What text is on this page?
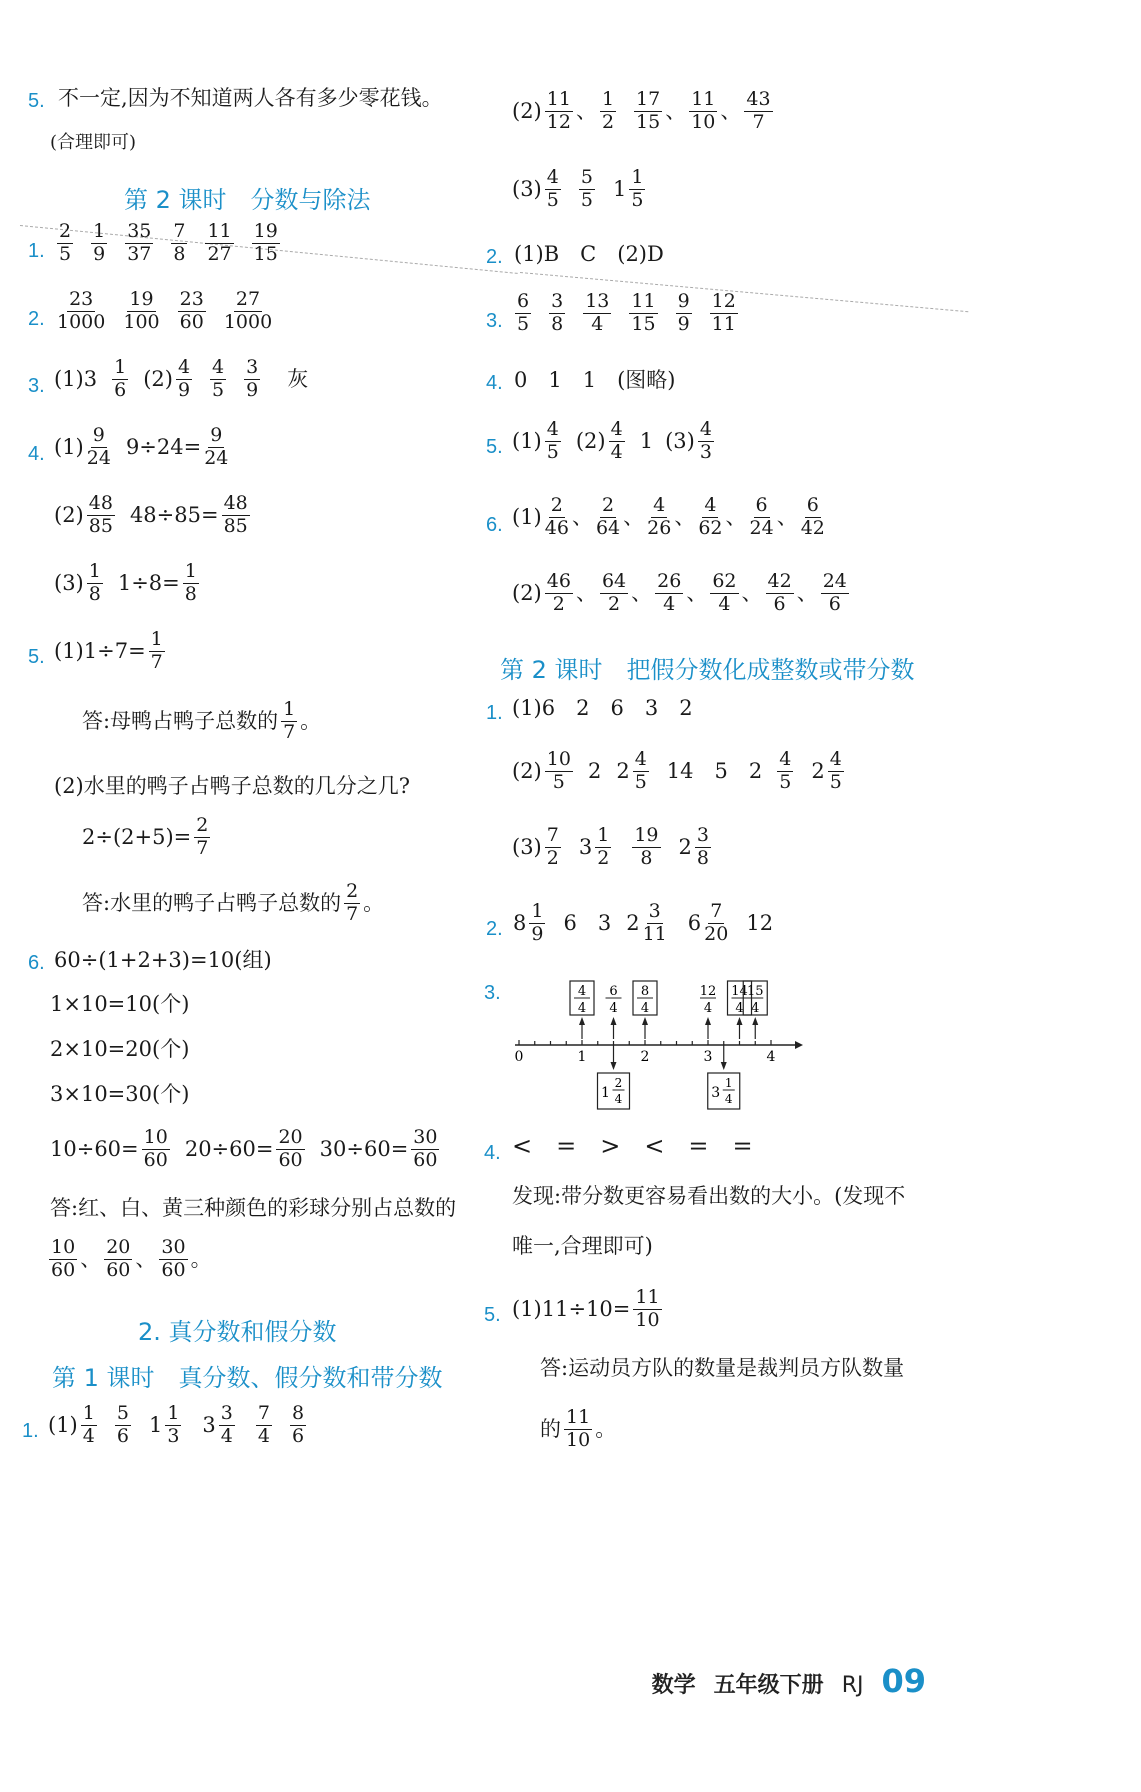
5. 不一定,因为不知道两人各有多少零花钱。
(合理即可)
第 2 课时　分数与除法
1. $\frac{2}{5} \frac{1}{9} \frac{35}{37} \frac{7}{8} \frac{11}{27} \frac{19}{15}$
2. $\frac{23}{1000} \frac{19}{100} \frac{23}{60} \frac{27}{1000}$
3. $(1)3 \frac{1}{6} (2) \frac{4}{9} \frac{4}{5} \frac{3}{9}$ 灰
4. $(1) \frac{9}{24} 9\div 24= \frac{9}{24}$
$(2) \frac{48}{85} 48\div 85= \frac{48}{85}$
$(3) \frac{1}{8} 1\div 8= \frac{1}{8}$
5. $(1)1\div 7= \frac{1}{7}$
答:母鸭占鸭子总数的 $\frac{1}{7}$ 。
(2)水里的鸭子占鸭子总数的几分之几?
$2\div(2+5)= \frac{2}{7}$
答:水里的鸭子占鸭子总数的 $\frac{2}{7}$ 。
6. 60÷(1+2+3)=10(组)
1×10=10(个)
2×10=20(个)
3×10=30(个)
$10\div 60= \frac{10}{60} 20\div 60= \frac{20}{60} 30\div 60= \frac{30}{60}$
答:红、白、黄三种颜色的彩球分别占总数的
$\frac{10}{60}$ 、 $\frac{20}{60}$ 、 $\frac{30}{60}$ 。
2. 真分数和假分数
第 1 课时　真分数、假分数和带分数
1. $(1) \frac{1}{4} \frac{5}{6} 1 \frac{1}{3} 3 \frac{3}{4} \frac{7}{4} \frac{8}{6}$
$(2) \frac{11}{12}$ 、 $\frac{1}{2} \frac{17}{15}$ 、 $\frac{11}{10}$ 、 $\frac{43}{7}$
$(3) \frac{4}{5} \frac{5}{5} 1 \frac{1}{5}$
2. (1)B　C　(2)D
3. $\frac{6}{5} \frac{3}{8} \frac{13}{4} \frac{11}{15} \frac{9}{9} \frac{12}{11}$
4. 0　1　1　(图略)
5. $(1) \frac{4}{5} (2) \frac{4}{4} 1$ $(3) \frac{4}{3}$
6. $(1) \frac{2}{46}$ 、 $\frac{2}{64}$ 、 $\frac{4}{26}$ 、 $\frac{4}{62}$ 、 $\frac{6}{24}$ 、 $\frac{6}{42}$
$(2) \frac{46}{2}$ 、 $\frac{64}{2}$ 、 $\frac{26}{4}$ 、 $\frac{62}{4}$ 、 $\frac{42}{6}$ 、 $\frac{24}{6}$
第 2 课时　把假分数化成整数或带分数
1. (1)6　2　6　3　2
$(2) \frac{10}{5} 2$ $2 \frac{4}{5} 14$　5　$2 \frac{4}{5} 2 \frac{4}{5}$
$(3) \frac{7}{2} 3 \frac{1}{2} \frac{19}{8} 2 \frac{3}{8}$
2. $8 \frac{1}{9} 6$　3 $2 \frac{3}{11} 6 \frac{7}{20} 12$
3.
0	1	2	3	4
4
4
6
4
8
4
12
4
14
4
15
4
1
2
4	3
1
4
4. <　=　>　<　=　=
发现:带分数更容易看出数的大小。(发现不
唯一,合理即可)
5. $(1)11\div 10= \frac{11}{10}$
答:运动员方队的数量是裁判员方队数量
的 $\frac{11}{10}$ 。
数学 五年级下册 RJ 09
